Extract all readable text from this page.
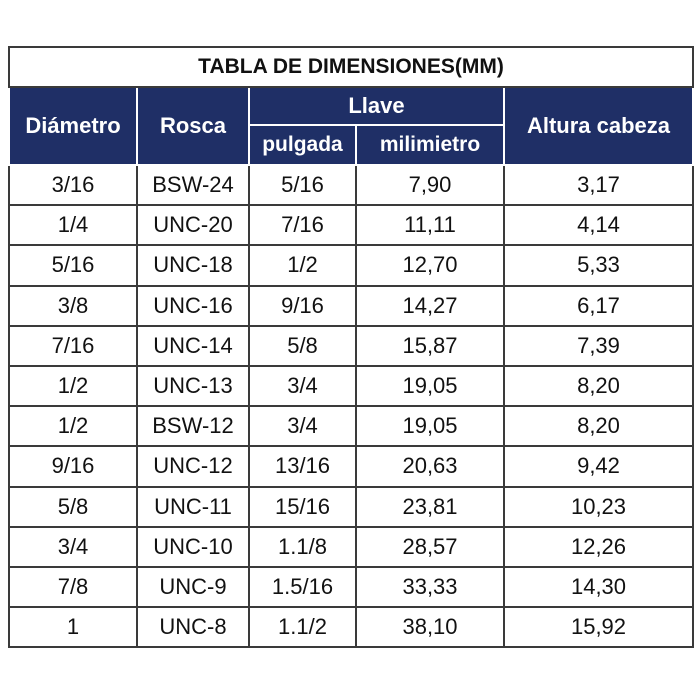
TABLA DE DIMENSIONES(MM)				
Diámetro	Rosca	Llave		Altura cabeza
		pulgada	milimietro	
3/16	BSW-24	5/16	7,90	3,17
1/4	UNC-20	7/16	11,11	4,14
5/16	UNC-18	1/2	12,70	5,33
3/8	UNC-16	9/16	14,27	6,17
7/16	UNC-14	5/8	15,87	7,39
1/2	UNC-13	3/4	19,05	8,20
1/2	BSW-12	3/4	19,05	8,20
9/16	UNC-12	13/16	20,63	9,42
5/8	UNC-11	15/16	23,81	10,23
3/4	UNC-10	1.1/8	28,57	12,26
7/8	UNC-9	1.5/16	33,33	14,30
1	UNC-8	1.1/2	38,10	15,92
